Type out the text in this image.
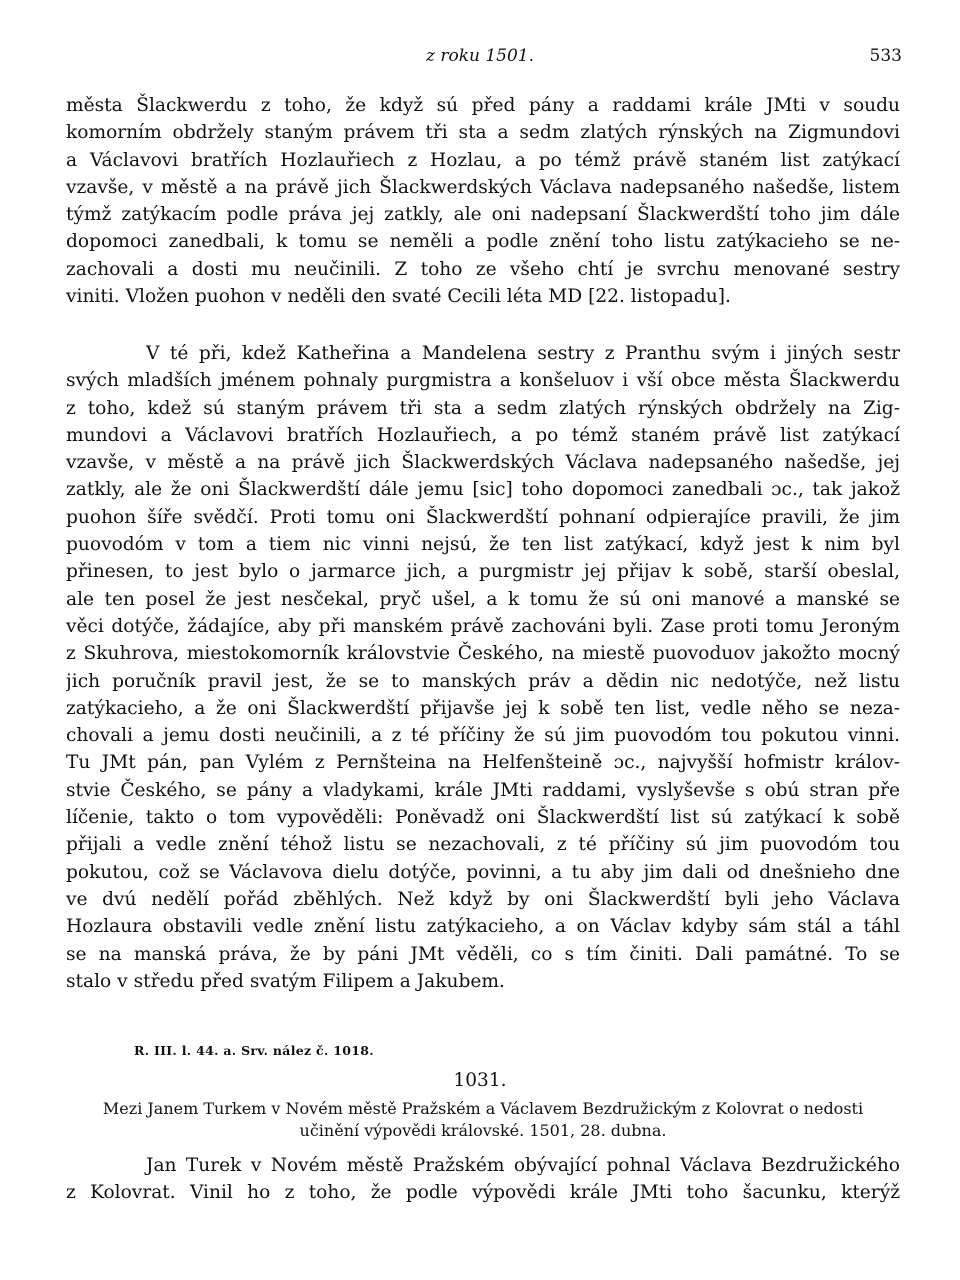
z roku 1501.	533
města Šlackwerdu z toho, že když sú před pány a raddami krále JMti v soudu
komorním obdržely staným právem tři sta a sedm zlatých rýnských na Zigmundovi
a Václavovi bratřích Hozlauřiech z Hozlau, a po témž právě staném list zatýkací
vzavše, v městě a na právě jich Šlackwerdských Václava nadepsaného našedše, listem
týmž zatýkacím podle práva jej zatkly, ale oni nadepsaní Šlackwerdští toho jim dále
dopomoci zanedbali, k tomu se neměli a podle znění toho listu zatýkacieho se ne-
zachovali a dosti mu neučinili. Z toho ze všeho chtí je svrchu menované sestry
viniti. Vložen puohon v neděli den svaté Cecili léta MD [22. listopadu].
V té při, kdež Katheřina a Mandelena sestry z Pranthu svým i jiných sestr
svých mladších jménem pohnaly purgmistra a konšeluov i vší obce města Šlackwerdu
z toho, kdež sú staným právem tři sta a sedm zlatých rýnských obdržely na Zig-
mundovi a Václavovi bratřích Hozlauřiech, a po témž staném právě list zatýkací
vzavše, v městě a na právě jich Šlackwerdských Václava nadepsaného našedše, jej
zatkly, ale že oni Šlackwerdští dále jemu [sic] toho dopomoci zanedbali ɔc., tak jakož
puohon šíře svědčí. Proti tomu oni Šlackwerdští pohnaní odpierajíce pravili, že jim
puovodóm v tom a tiem nic vinni nejsú, že ten list zatýkací, když jest k nim byl
přinesen, to jest bylo o jarmarce jich, a purgmistr jej přijav k sobě, starší obeslal,
ale ten posel že jest nesčekal, pryč ušel, a k tomu že sú oni manové a manské se
věci dotýče, žádajíce, aby při manském právě zachováni byli. Zase proti tomu Jeroným
z Skuhrova, miestokomorník královstvie Českého, na miestě puovoduov jakožto mocný
jich poručník pravil jest, že se to manských práv a dědin nic nedotýče, než listu
zatýkacieho, a že oni Šlackwerdští přijavše jej k sobě ten list, vedle něho se neza-
chovali a jemu dosti neučinili, a z té příčiny že sú jim puovodóm tou pokutou vinni.
Tu JMt pán, pan Vylém z Pernšteina na Helfenšteině ɔc., najvyšší hofmistr králov-
stvie Českého, se pány a vladykami, krále JMti raddami, vyslyševše s obú stran pře
líčenie, takto o tom vypověděli: Poněvadž oni Šlackwerdští list sú zatýkací k sobě
přijali a vedle znění téhož listu se nezachovali, z té příčiny sú jim puovodóm tou
pokutou, což se Václavova dielu dotýče, povinni, a tu aby jim dali od dnešnieho dne
ve dvú nedělí pořád zběhlých. Než když by oni Šlackwerdští byli jeho Václava
Hozlaura obstavili vedle znění listu zatýkacieho, a on Václav kdyby sám stál a táhl
se na manská práva, že by páni JMt věděli, co s tím činiti. Dali památné. To se
stalo v středu před svatým Filipem a Jakubem.
R. III. l. 44. a. Srv. nález č. 1018.
1031.
Mezi Janem Turkem v Novém městě Pražském a Václavem Bezdružickým z Kolovrat o nedosti
učinění výpovědi královské. 1501, 28. dubna.
Jan Turek v Novém městě Pražském obývající pohnal Václava Bezdružického
z Kolovrat. Vinil ho z toho, že podle výpovědi krále JMti toho šacunku, kterýž
